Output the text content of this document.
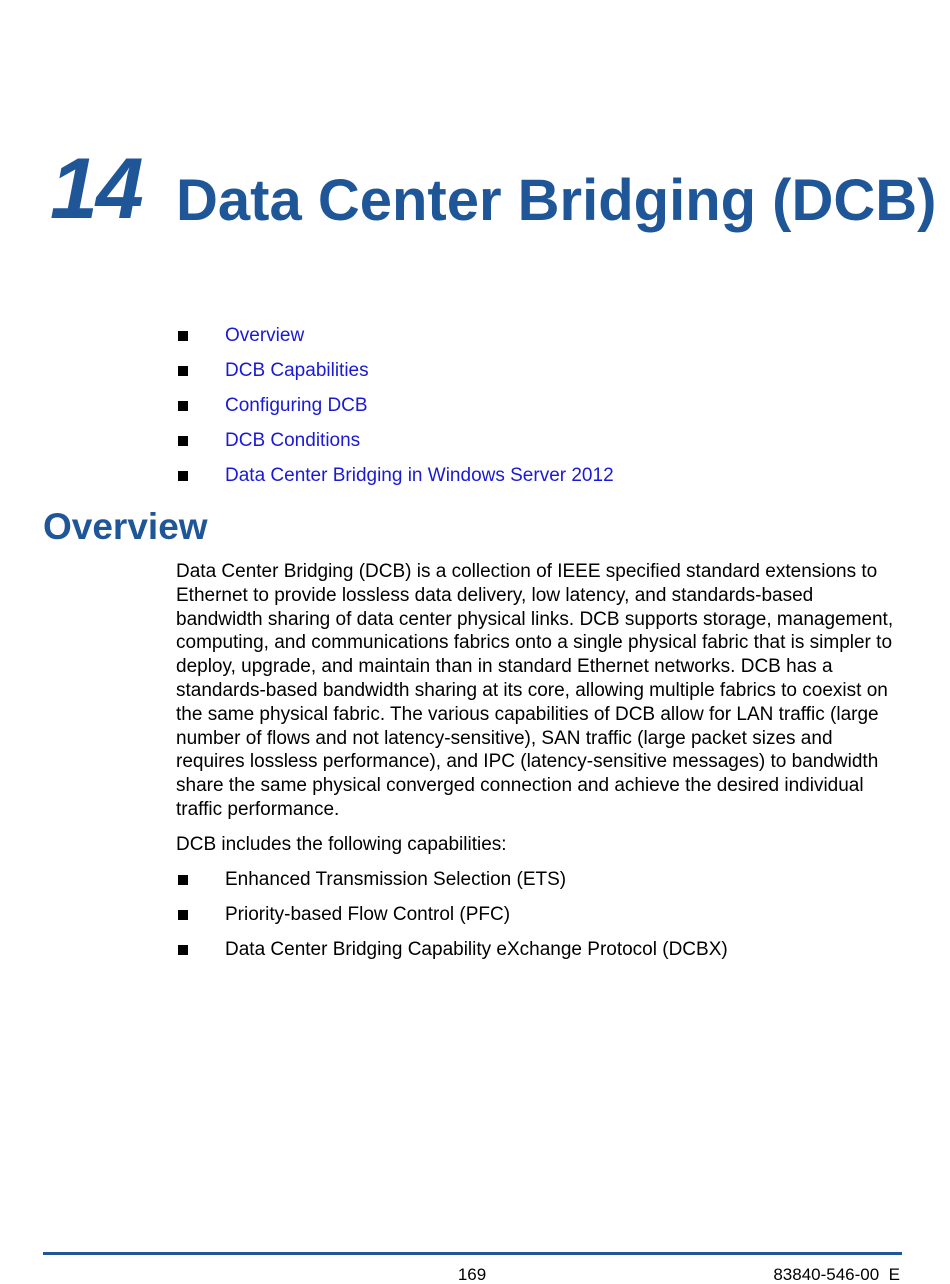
14 Data Center Bridging (DCB)
Overview
DCB Capabilities
Configuring DCB
DCB Conditions
Data Center Bridging in Windows Server 2012
Overview

Data Center Bridging (DCB) is a collection of IEEE specified standard extensions to Ethernet to provide lossless data delivery, low latency, and standards-based bandwidth sharing of data center physical links. DCB supports storage, management, computing, and communications fabrics onto a single physical fabric that is simpler to deploy, upgrade, and maintain than in standard Ethernet networks. DCB has a standards-based bandwidth sharing at its core, allowing multiple fabrics to coexist on the same physical fabric. The various capabilities of DCB allow for LAN traffic (large number of flows and not latency-sensitive), SAN traffic (large packet sizes and requires lossless performance), and IPC (latency-sensitive messages) to bandwidth share the same physical converged connection and achieve the desired individual traffic performance.

DCB includes the following capabilities:

Enhanced Transmission Selection (ETS)
Priority-based Flow Control (PFC)
Data Center Bridging Capability eXchange Protocol (DCBX)
169	83840-546-00  E
